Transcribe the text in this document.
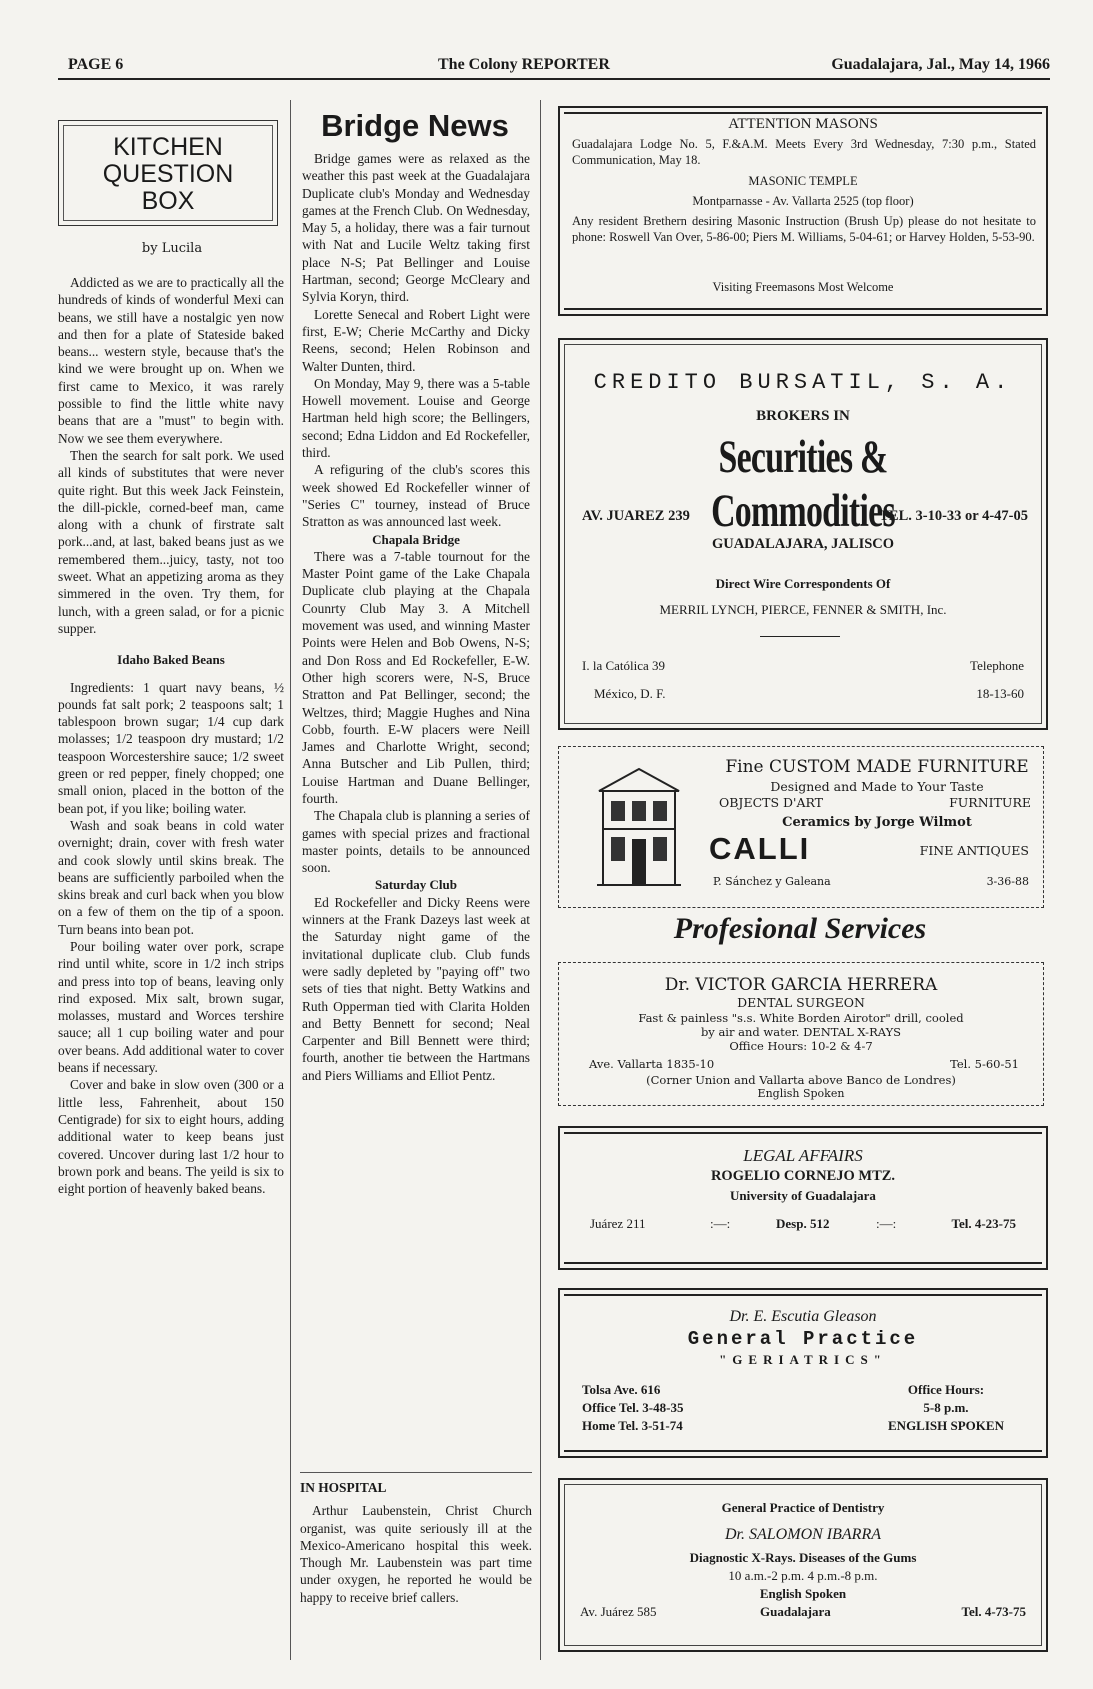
PAGE 6	The Colony REPORTER	Guadalajara, Jal., May 14, 1966
KITCHEN
QUESTION
BOX
by Lucila

Addicted as we are to practically all the hundreds of kinds of wonderful Mexi can beans, we still have a nostalgic yen now and then for a plate of Stateside baked beans... western style, because that's the kind we were brought up on. When we first came to Mexico, it was rarely possible to find the little white navy beans that are a "must" to begin with. Now we see them everywhere.

Then the search for salt pork. We used all kinds of substitutes that were never quite right. But this week Jack Feinstein, the dill-pickle, corned-beef man, came along with a chunk of firstrate salt pork...and, at last, baked beans just as we remembered them...juicy, tasty, not too sweet. What an appetizing aroma as they simmered in the oven. Try them, for lunch, with a green salad, or for a picnic supper.

Idaho Baked Beans

Ingredients: 1 quart navy beans, ½ pounds fat salt pork; 2 teaspoons salt; 1 tablespoon brown sugar; 1/4 cup dark molasses; 1/2 teaspoon dry mustard; 1/2 teaspoon Worcestershire sauce; 1/2 sweet green or red pepper, finely chopped; one small onion, placed in the botton of the bean pot, if you like; boiling water.

Wash and soak beans in cold water overnight; drain, cover with fresh water and cook slowly until skins break. The beans are sufficiently parboiled when the skins break and curl back when you blow on a few of them on the tip of a spoon. Turn beans into bean pot.

Pour boiling water over pork, scrape rind until white, score in 1/2 inch strips and press into top of beans, leaving only rind exposed. Mix salt, brown sugar, molasses, mustard and Worces tershire sauce; all 1 cup boiling water and pour over beans. Add additional water to cover beans if necessary.

Cover and bake in slow oven (300 or a little less, Fahrenheit, about 150 Centigrade) for six to eight hours, adding additional water to keep beans just covered. Uncover during last 1/2 hour to brown pork and beans. The yeild is six to eight portion of heavenly baked beans.

Bridge News

Bridge games were as relaxed as the weather this past week at the Guadalajara Duplicate club's Monday and Wednesday games at the French Club. On Wednesday, May 5, a holiday, there was a fair turnout with Nat and Lucile Weltz taking first place N-S; Pat Bellinger and Louise Hartman, second; George McCleary and Sylvia Koryn, third.

Lorette Senecal and Robert Light were first, E-W; Cherie McCarthy and Dicky Reens, second; Helen Robinson and Walter Dunten, third.

On Monday, May 9, there was a 5-table Howell movement. Louise and George Hartman held high score; the Bellingers, second; Edna Liddon and Ed Rockefeller, third.

A refiguring of the club's scores this week showed Ed Rockefeller winner of "Series C" tourney, instead of Bruce Stratton as was announced last week.

Chapala Bridge

There was a 7-table tournout for the Master Point game of the Lake Chapala Duplicate club playing at the Chapala Counrty Club May 3. A Mitchell movement was used, and winning Master Points were Helen and Bob Owens, N-S; and Don Ross and Ed Rockefeller, E-W. Other high scorers were, N-S, Bruce Stratton and Pat Bellinger, second; the Weltzes, third; Maggie Hughes and Nina Cobb, fourth. E-W placers were Neill James and Charlotte Wright, second; Anna Butscher and Lib Pullen, third; Louise Hartman and Duane Bellinger, fourth.

The Chapala club is planning a series of games with special prizes and fractional master points, details to be announced soon.

Saturday Club

Ed Rockefeller and Dicky Reens were winners at the Frank Dazeys last week at the Saturday night game of the invitational duplicate club. Club funds were sadly depleted by "paying off" two sets of ties that night. Betty Watkins and Ruth Opperman tied with Clarita Holden and Betty Bennett for second; Neal Carpenter and Bill Bennett were third; fourth, another tie between the Hartmans and Piers Williams and Elliot Pentz.

IN HOSPITAL

Arthur Laubenstein, Christ Church organist, was quite seriously ill at the Mexico-Americano hospital this week. Though Mr. Laubenstein was part time under oxygen, he reported he would be happy to receive brief callers.

ATTENTION MASONS
Guadalajara Lodge No. 5, F.&A.M. Meets Every 3rd Wednesday, 7:30 p.m., Stated Communication, May 18.
MASONIC TEMPLE
Montparnasse - Av. Vallarta 2525 (top floor)
Any resident Brethern desiring Masonic Instruction (Brush Up) please do not hesitate to phone: Roswell Van Over, 5-86-00; Piers M. Williams, 5-04-61; or Harvey Holden, 5-53-90.
Visiting Freemasons Most Welcome
CREDITO BURSATIL, S. A.
BROKERS IN
Securities & Commodities
AV. JUAREZ 239	TEL. 3-10-33 or 4-47-05
GUADALAJARA, JALISCO
Direct Wire Correspondents Of
MERRIL LYNCH, PIERCE, FENNER & SMITH, Inc.
I. la Católica 39	Telephone
México, D. F.	18-13-60
Fine CUSTOM MADE FURNITURE
Designed and Made to Your Taste
OBJECTS D'ART	FURNITURE
Ceramics by Jorge Wilmot
CALLI	FINE ANTIQUES
P. Sánchez y Galeana	3-36-88
Profesional Services
Dr. VICTOR GARCIA HERRERA
DENTAL SURGEON
Fast & painless "s.s. White Borden Airotor" drill, cooled
by air and water. DENTAL X-RAYS
Office Hours: 10-2 & 4-7
Ave. Vallarta 1835-10	Tel. 5-60-51
(Corner Union and Vallarta above Banco de Londres)
English Spoken
LEGAL AFFAIRS
ROGELIO CORNEJO MTZ.
University of Guadalajara
Juárez 211	:—:	Desp. 512	:—:	Tel. 4-23-75
Dr. E. Escutia Gleason
General Practice
"GERIATRICS"
Tolsa Ave. 616
Office Tel. 3-48-35
Home Tel. 3-51-74
Office Hours:
5-8 p.m.
ENGLISH SPOKEN
General Practice of Dentistry
Dr. SALOMON IBARRA
Diagnostic X-Rays. Diseases of the Gums
10 a.m.-2 p.m. 4 p.m.-8 p.m.
English Spoken
Av. Juárez 585	Guadalajara	Tel. 4-73-75
